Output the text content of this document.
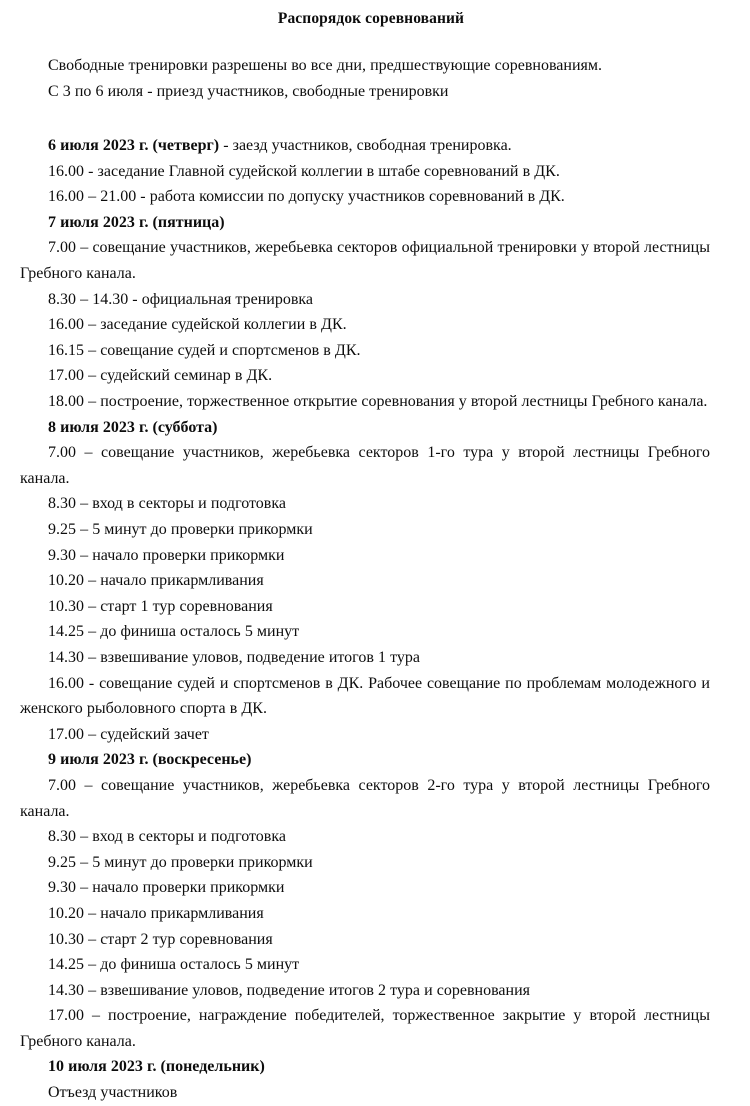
Распорядок соревнований

Свободные тренировки разрешены во все дни, предшествующие соревнованиям.

С 3 по 6 июля - приезд участников, свободные тренировки

6 июля 2023 г. (четверг) - заезд участников, свободная тренировка.

16.00 - заседание Главной судейской коллегии в штабе соревнований в ДК.

16.00 – 21.00 - работа комиссии по допуску участников соревнований в ДК.

7 июля 2023 г. (пятница)

7.00 – совещание участников, жеребьевка секторов официальной тренировки у второй лестницы Гребного канала.

8.30 – 14.30 - официальная тренировка

16.00 – заседание судейской коллегии в ДК.

16.15 – совещание судей и спортсменов в ДК.

17.00 – судейский семинар в ДК.

18.00 – построение, торжественное открытие соревнования у второй лестницы Гребного канала.

8 июля 2023 г. (суббота)

7.00 – совещание участников, жеребьевка секторов 1-го тура у второй лестницы Гребного канала.

8.30 – вход в секторы и подготовка

9.25 – 5 минут до проверки прикормки

9.30 – начало проверки прикормки

10.20 – начало прикармливания

10.30 – старт 1 тур соревнования

14.25 – до финиша осталось 5 минут

14.30 – взвешивание уловов, подведение итогов 1 тура

16.00 - совещание судей и спортсменов в ДК. Рабочее совещание по проблемам молодежного и женского рыболовного спорта в ДК.

17.00 – судейский зачет

9 июля 2023 г. (воскресенье)

7.00 – совещание участников, жеребьевка секторов 2-го тура у второй лестницы Гребного канала.

8.30 – вход в секторы и подготовка

9.25 – 5 минут до проверки прикормки

9.30 – начало проверки прикормки

10.20 – начало прикармливания

10.30 – старт 2 тур соревнования

14.25 – до финиша осталось 5 минут

14.30 – взвешивание уловов, подведение итогов 2 тура и соревнования

17.00 – построение, награждение победителей, торжественное закрытие у второй лестницы Гребного канала.

10 июля 2023 г. (понедельник)

Отъезд участников
